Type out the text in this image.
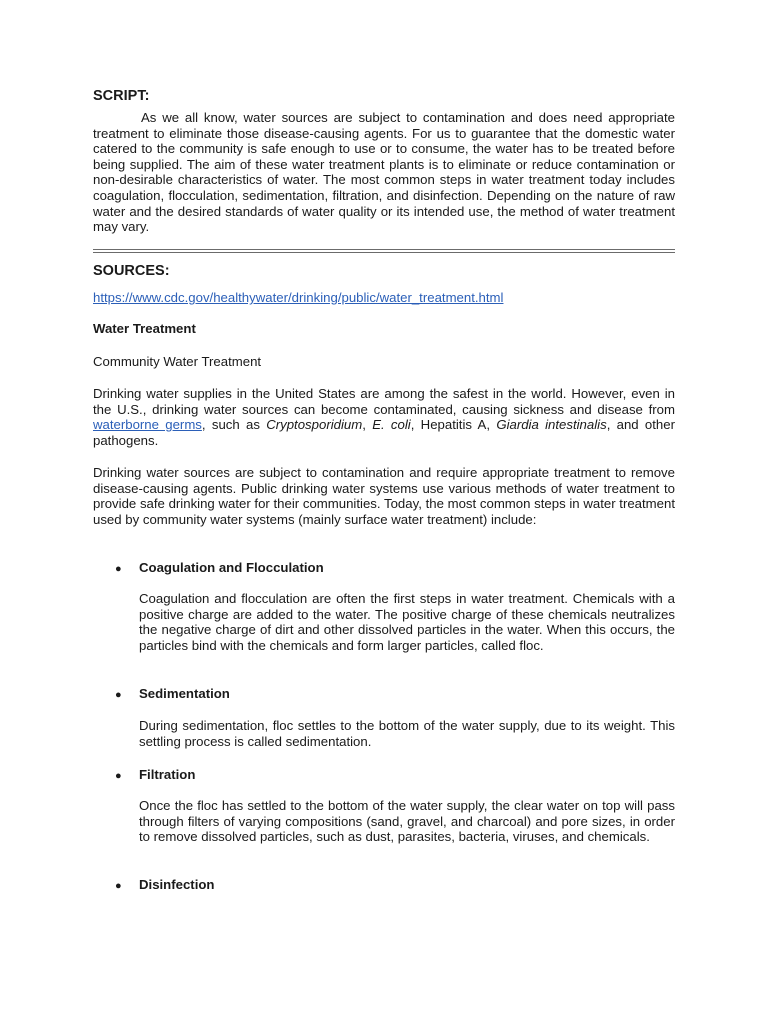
SCRIPT:
As we all know, water sources are subject to contamination and does need appropriate treatment to eliminate those disease-causing agents. For us to guarantee that the domestic water catered to the community is safe enough to use or to consume, the water has to be treated before being supplied. The aim of these water treatment plants is to eliminate or reduce contamination or non-desirable characteristics of water. The most common steps in water treatment today includes coagulation, flocculation, sedimentation, filtration, and disinfection. Depending on the nature of raw water and the desired standards of water quality or its intended use, the method of water treatment may vary.
SOURCES:
https://www.cdc.gov/healthywater/drinking/public/water_treatment.html
Water Treatment
Community Water Treatment
Drinking water supplies in the United States are among the safest in the world. However, even in the U.S., drinking water sources can become contaminated, causing sickness and disease from waterborne germs, such as Cryptosporidium, E. coli, Hepatitis A, Giardia intestinalis, and other pathogens.
Drinking water sources are subject to contamination and require appropriate treatment to remove disease-causing agents. Public drinking water systems use various methods of water treatment to provide safe drinking water for their communities. Today, the most common steps in water treatment used by community water systems (mainly surface water treatment) include:
● Coagulation and Flocculation
Coagulation and flocculation are often the first steps in water treatment. Chemicals with a positive charge are added to the water. The positive charge of these chemicals neutralizes the negative charge of dirt and other dissolved particles in the water. When this occurs, the particles bind with the chemicals and form larger particles, called floc.
● Sedimentation
During sedimentation, floc settles to the bottom of the water supply, due to its weight. This settling process is called sedimentation.
● Filtration
Once the floc has settled to the bottom of the water supply, the clear water on top will pass through filters of varying compositions (sand, gravel, and charcoal) and pore sizes, in order to remove dissolved particles, such as dust, parasites, bacteria, viruses, and chemicals.
● Disinfection
